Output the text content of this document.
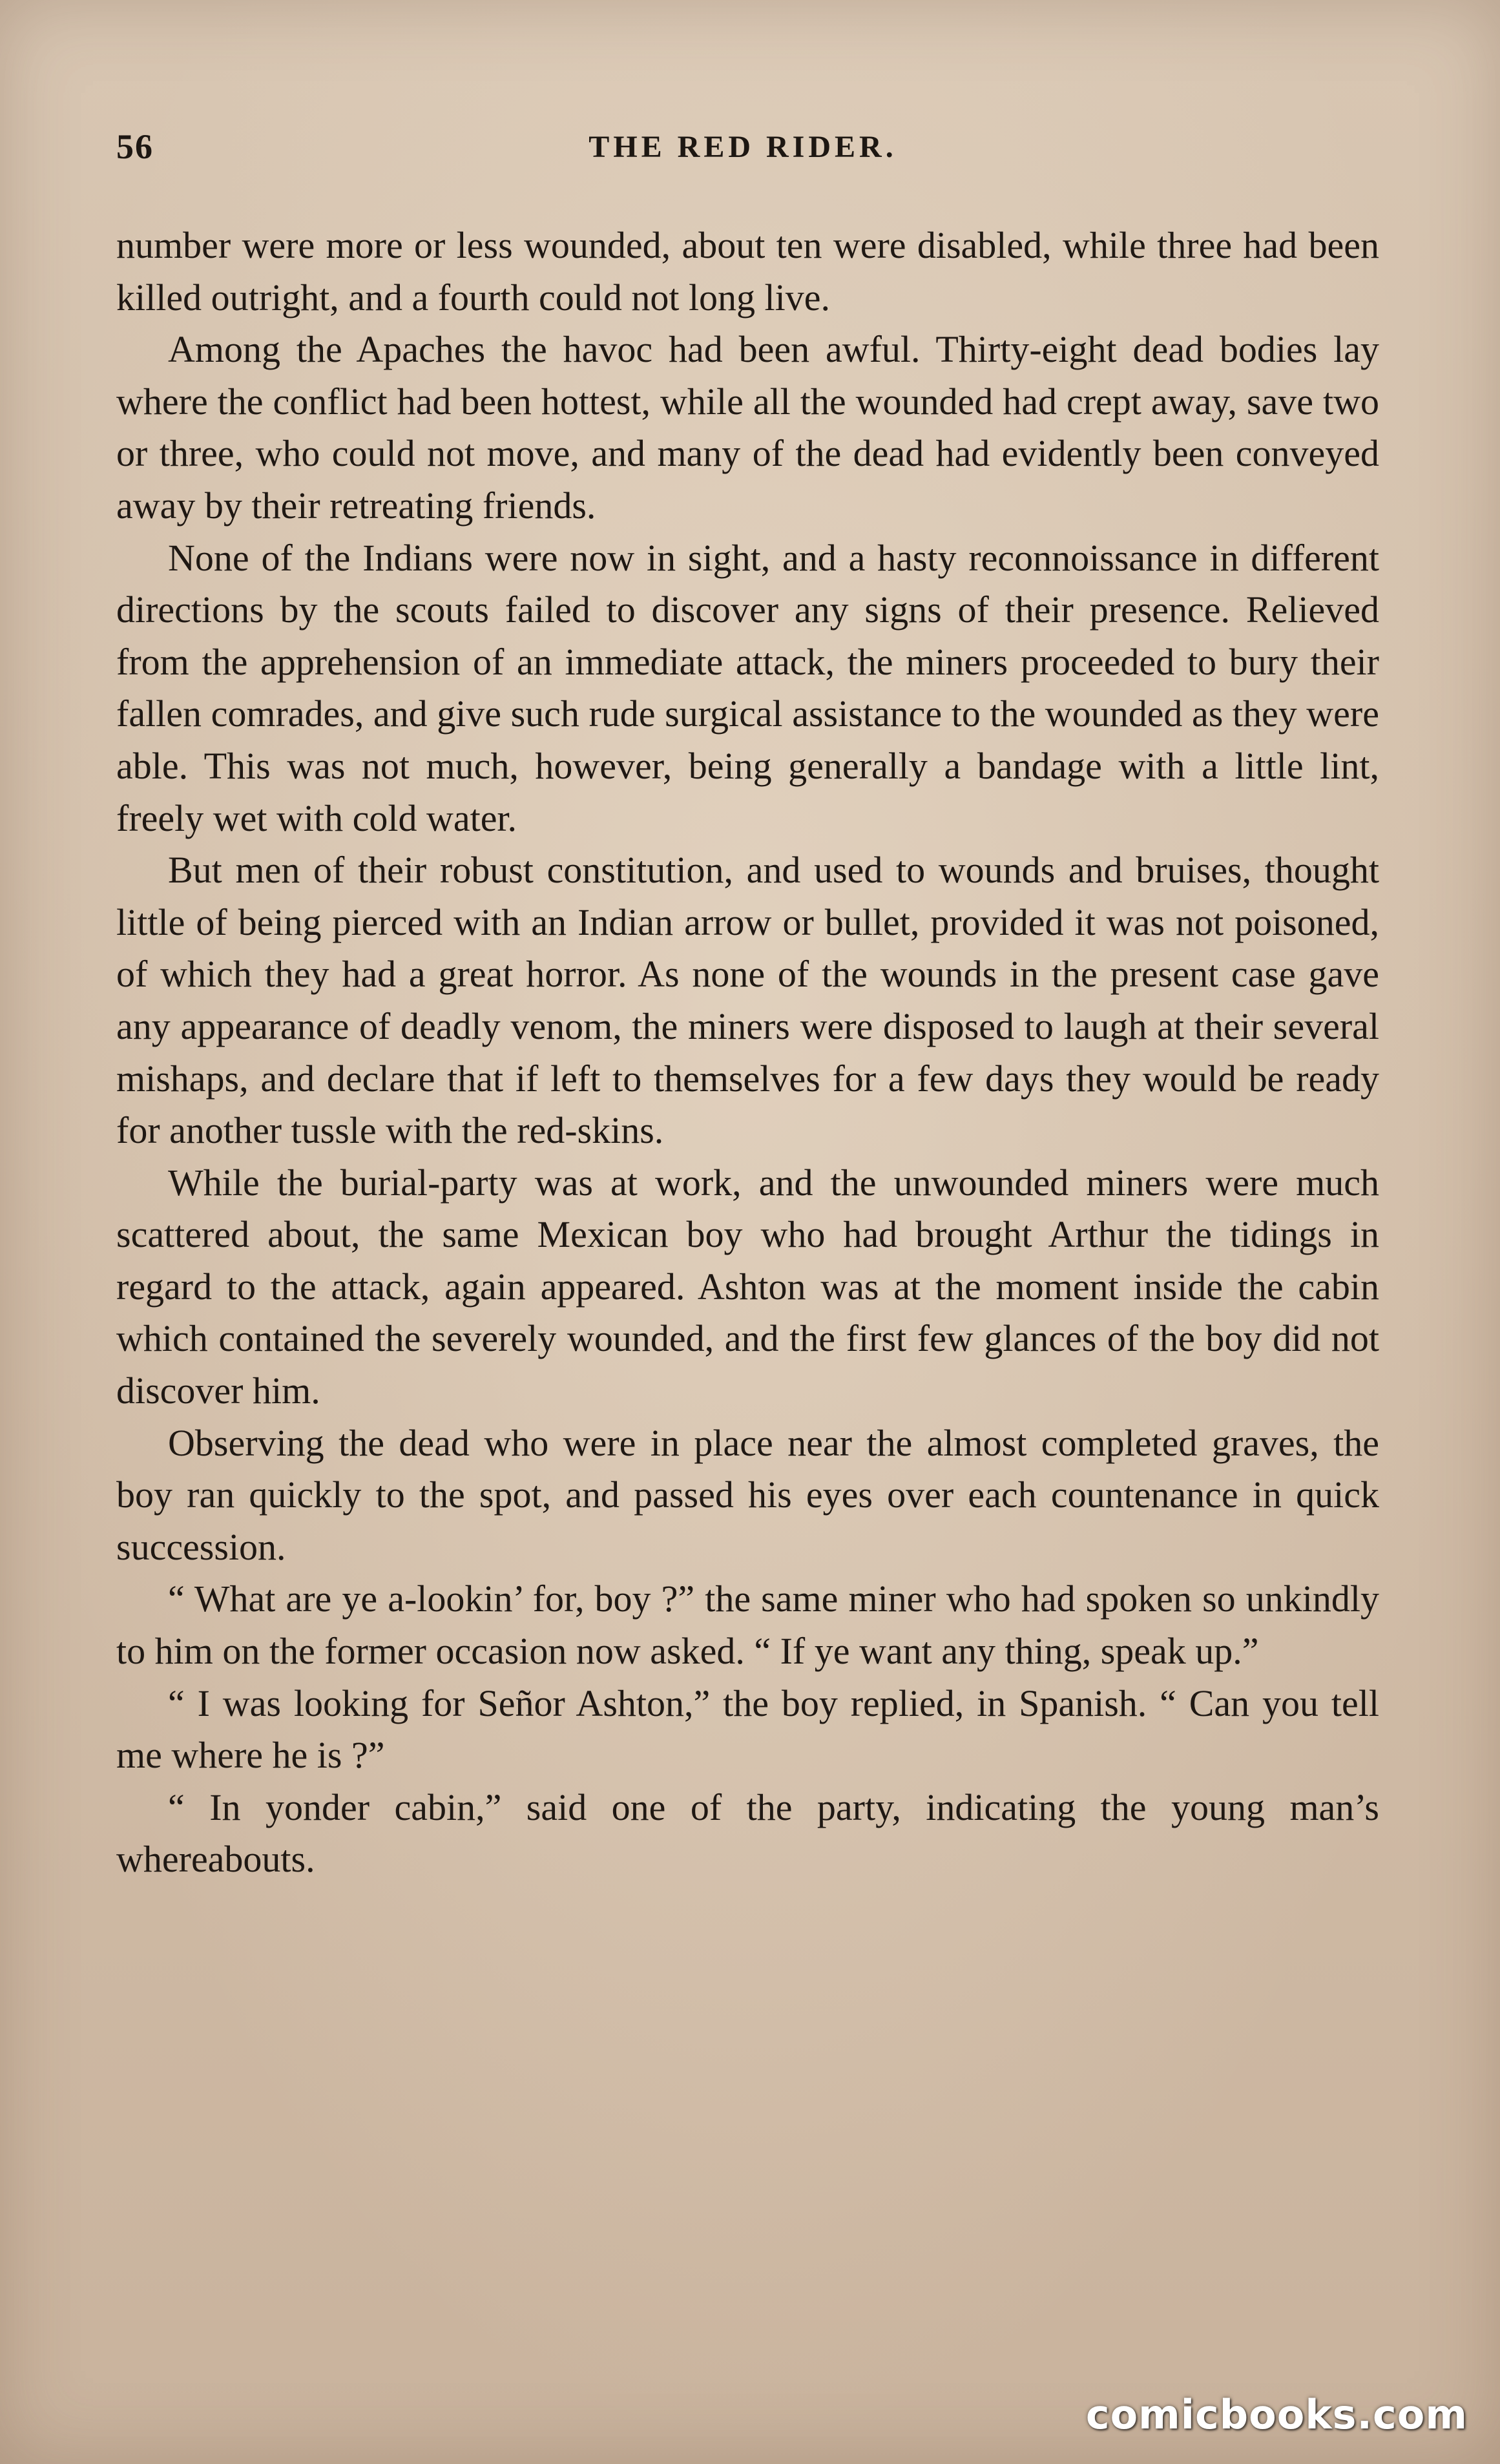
56	THE RED RIDER.

number were more or less wounded, about ten were disabled, while three had been killed outright, and a fourth could not long live.

Among the Apaches the havoc had been awful. Thirty-eight dead bodies lay where the conflict had been hottest, while all the wounded had crept away, save two or three, who could not move, and many of the dead had evidently been conveyed away by their retreating friends.

None of the Indians were now in sight, and a hasty reconnoissance in different directions by the scouts failed to discover any signs of their presence. Relieved from the apprehension of an immediate attack, the miners proceeded to bury their fallen comrades, and give such rude surgical assistance to the wounded as they were able. This was not much, however, being generally a bandage with a little lint, freely wet with cold water.

But men of their robust constitution, and used to wounds and bruises, thought little of being pierced with an Indian arrow or bullet, provided it was not poisoned, of which they had a great horror. As none of the wounds in the present case gave any appearance of deadly venom, the miners were disposed to laugh at their several mishaps, and declare that if left to themselves for a few days they would be ready for another tussle with the red-skins.

While the burial-party was at work, and the unwounded miners were much scattered about, the same Mexican boy who had brought Arthur the tidings in regard to the attack, again appeared. Ashton was at the moment inside the cabin which contained the severely wounded, and the first few glances of the boy did not discover him.

Observing the dead who were in place near the almost completed graves, the boy ran quickly to the spot, and passed his eyes over each countenance in quick succession.

“ What are ye a-lookin’ for, boy ?” the same miner who had spoken so unkindly to him on the former occasion now asked. “ If ye want any thing, speak up.”

“ I was looking for Señor Ashton,” the boy replied, in Spanish. “ Can you tell me where he is ?”

“ In yonder cabin,” said one of the party, indicating the young man’s whereabouts.

comicbooks.com
